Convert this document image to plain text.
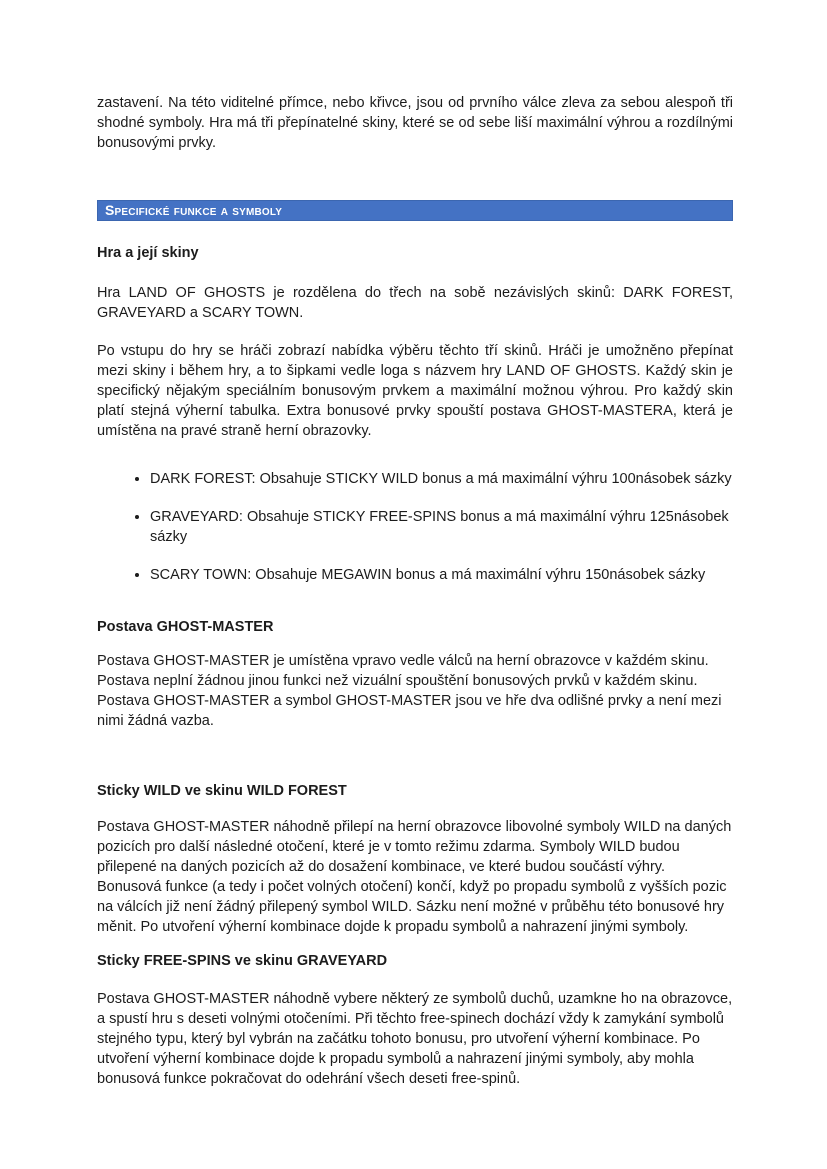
zastavení. Na této viditelné přímce, nebo křivce, jsou od prvního válce zleva za sebou alespoň tři shodné symboly. Hra má tři přepínatelné skiny, které se od sebe liší maximální výhrou a rozdílnými bonusovými prvky.

Specifické funkce a symboly
Hra a její skiny

Hra LAND OF GHOSTS je rozdělena do třech na sobě nezávislých skinů: DARK FOREST, GRAVEYARD a SCARY TOWN.

Po vstupu do hry se hráči zobrazí nabídka výběru těchto tří skinů. Hráči je umožněno přepínat mezi skiny i během hry, a to šipkami vedle loga s názvem hry LAND OF GHOSTS. Každý skin je specifický nějakým speciálním bonusovým prvkem a maximální možnou výhrou. Pro každý skin platí stejná výherní tabulka. Extra bonusové prvky spouští postava GHOST-MASTERA, která je umístěna na pravé straně herní obrazovky.

• DARK FOREST: Obsahuje STICKY WILD bonus a má maximální výhru 100násobek sázky
• GRAVEYARD: Obsahuje STICKY FREE-SPINS bonus a má maximální výhru 125násobek sázky
• SCARY TOWN: Obsahuje MEGAWIN bonus a má maximální výhru 150násobek sázky
Postava GHOST-MASTER

Postava GHOST-MASTER je umístěna vpravo vedle válců na herní obrazovce v každém skinu. Postava neplní žádnou jinou funkci než vizuální spouštění bonusových prvků v každém skinu. Postava GHOST-MASTER a symbol GHOST-MASTER jsou ve hře dva odlišné prvky a není mezi nimi žádná vazba.

Sticky WILD ve skinu WILD FOREST

Postava GHOST-MASTER náhodně přilepí na herní obrazovce libovolné symboly WILD na daných pozicích pro další následné otočení, které je v tomto režimu zdarma. Symboly WILD budou přilepené na daných pozicích až do dosažení kombinace, ve které budou součástí výhry. Bonusová funkce (a tedy i počet volných otočení) končí, když po propadu symbolů z vyšších pozic na válcích již není žádný přilepený symbol WILD. Sázku není možné v průběhu této bonusové hry měnit. Po utvoření výherní kombinace dojde k propadu symbolů a nahrazení jinými symboly.

Sticky FREE-SPINS ve skinu GRAVEYARD

Postava GHOST-MASTER náhodně vybere některý ze symbolů duchů, uzamkne ho na obrazovce, a spustí hru s deseti volnými otočeními. Při těchto free-spinech dochází vždy k zamykání symbolů stejného typu, který byl vybrán na začátku tohoto bonusu, pro utvoření výherní kombinace. Po utvoření výherní kombinace dojde k propadu symbolů a nahrazení jinými symboly, aby mohla bonusová funkce pokračovat do odehrání všech deseti free-spinů.
